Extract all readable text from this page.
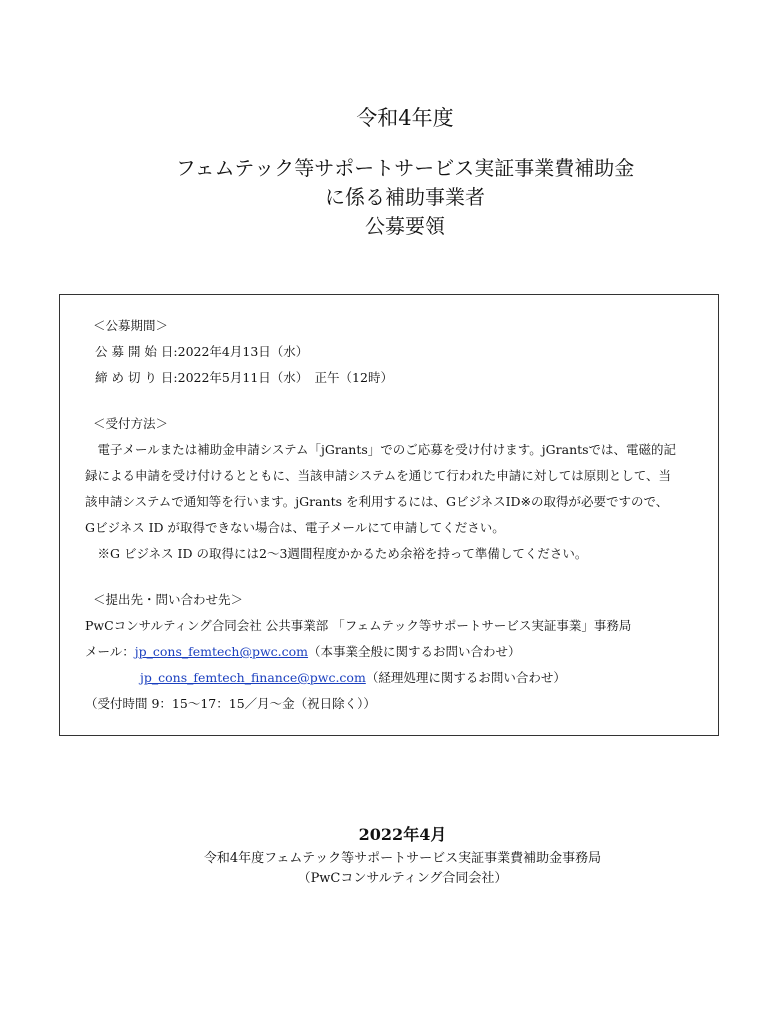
令和4年度
フェムテック等サポートサービス実証事業費補助金
に係る補助事業者
公募要領
＜公募期間＞
公 募 開 始 日:2022年4月13日（水）
締 め 切 り 日:2022年5月11日（水）　正午（12時）
＜受付方法＞
　電子メールまたは補助金申請システム「jGrants」でのご応募を受け付けます。jGrantsでは、電磁的記
録による申請を受け付けるとともに、当該申請システムを通じて行われた申請に対しては原則として、当
該申請システムで通知等を行います。jGrants を利用するには、GビジネスID※の取得が必要ですので、
Gビジネス ID が取得できない場合は、電子メールにて申請してください。
　※G ビジネス ID の取得には2～3週間程度かかるため余裕を持って準備してください。
＜提出先・問い合わせ先＞
PwCコンサルティング合同会社 公共事業部 「フェムテック等サポートサービス実証事業」事務局
メール：jp_cons_femtech@pwc.com（本事業全般に関するお問い合わせ）
jp_cons_femtech_finance@pwc.com（経理処理に関するお問い合わせ）
（受付時間 9：15～17：15／月～金（祝日除く））
2022年4月
令和4年度フェムテック等サポートサービス実証事業費補助金事務局
（PwCコンサルティング合同会社）
